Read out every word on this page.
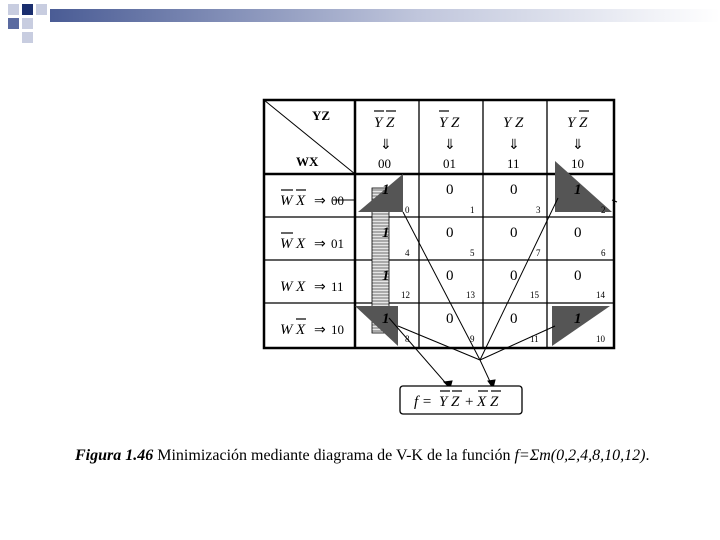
YZ
WX
Y Z
⇓
00
Y Z
⇓
01
Y Z
⇓
11
Y Z
⇓
10
W X ⇒ 00
W X ⇒ 01
W X ⇒ 11
W X ⇒ 10
1
0
0
1
0
3
1
2
1
4
0
5
0
7
0
6
1
12
0
13
0
15
0
14
1
8
0
9
0
11
1
10
f = Y Z + X Z
Figura 1.46 Minimización mediante diagrama de V-K de la función f=Σm(0,2,4,8,10,12).
